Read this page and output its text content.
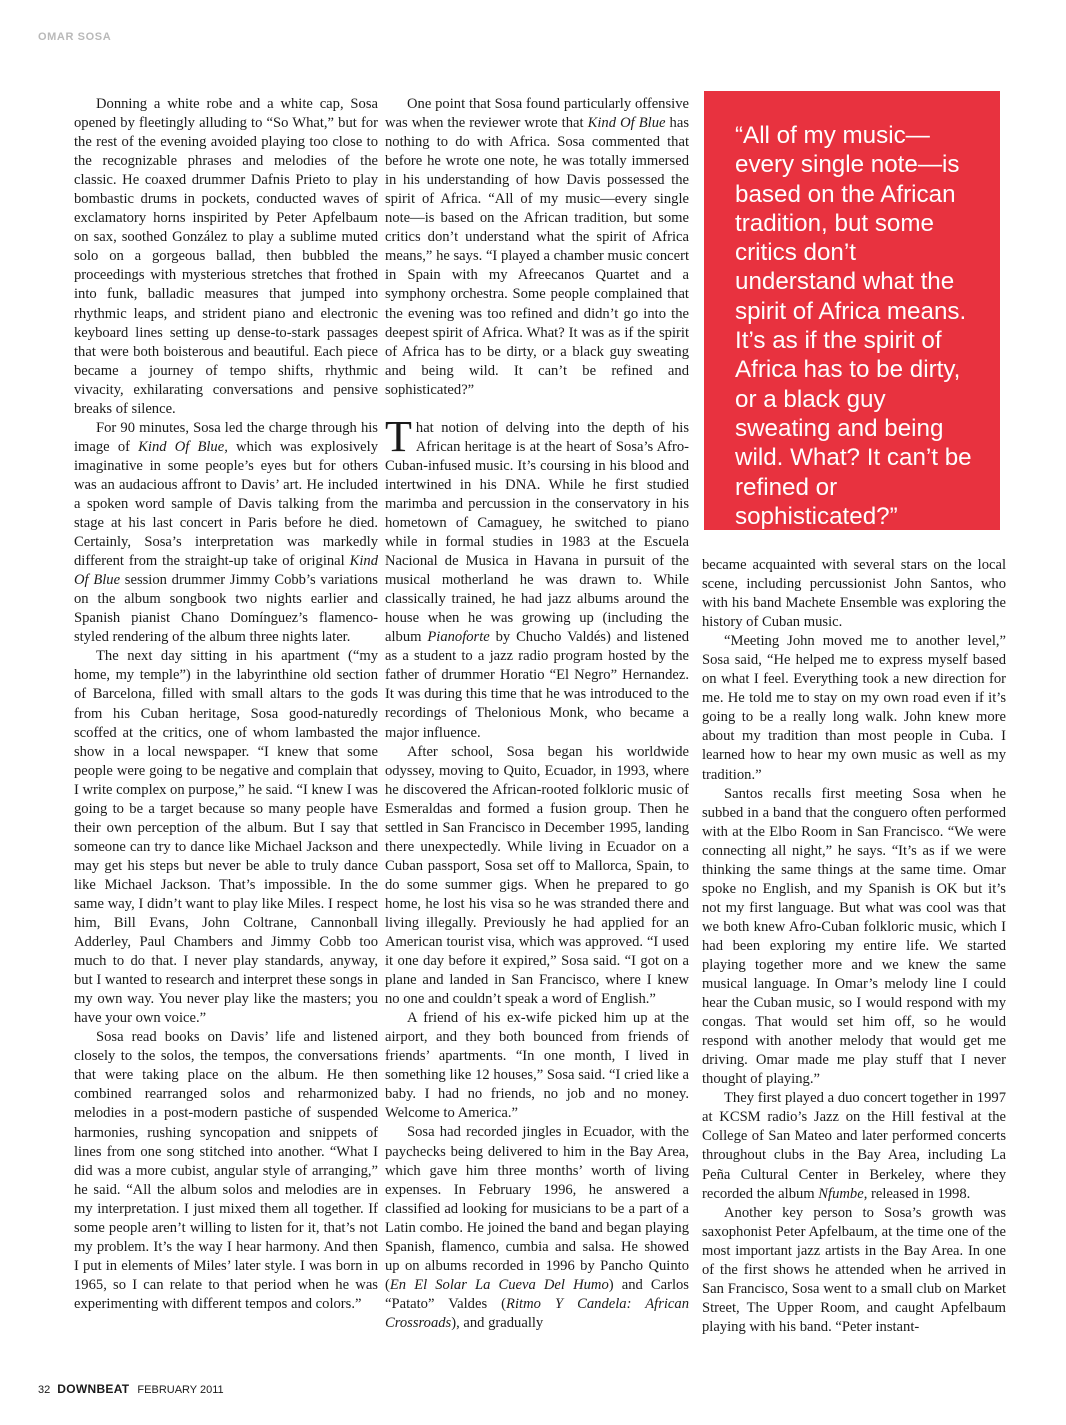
OMAR SOSA

Donning a white robe and a white cap, Sosa opened by fleetingly alluding to “So What,” but for the rest of the evening avoided playing too close to the recognizable phrases and melodies of the classic. He coaxed drummer Dafnis Prieto to play bombastic drums in pockets, conducted waves of exclamatory horns inspirited by Peter Apfelbaum on sax, soothed González to play a sublime muted solo on a gorgeous ballad, then bubbled the proceedings with mysterious stretches that frothed into funk, balladic measures that jumped into rhythmic leaps, and strident piano and electronic keyboard lines setting up dense-to-stark passages that were both boisterous and beautiful. Each piece became a journey of tempo shifts, rhythmic vivacity, exhilarating conversations and pensive breaks of silence.

For 90 minutes, Sosa led the charge through his image of Kind Of Blue, which was explosively imaginative in some people’s eyes but for others was an audacious affront to Davis’ art. He included a spoken word sample of Davis talking from the stage at his last concert in Paris before he died. Certainly, Sosa’s interpretation was markedly different from the straight-up take of original Kind Of Blue session drummer Jimmy Cobb’s variations on the album songbook two nights earlier and Spanish pianist Chano Domínguez’s flamenco-styled rendering of the album three nights later.

The next day sitting in his apartment (“my home, my temple”) in the labyrinthine old section of Barcelona, filled with small altars to the gods from his Cuban heritage, Sosa good-naturedly scoffed at the critics, one of whom lambasted the show in a local newspaper. “I knew that some people were going to be negative and complain that I write complex on purpose,” he said. “I knew I was going to be a target because so many people have their own perception of the album. But I say that someone can try to dance like Michael Jackson and may get his steps but never be able to truly dance like Michael Jackson. That’s impossible. In the same way, I didn’t want to play like Miles. I respect him, Bill Evans, John Coltrane, Cannonball Adderley, Paul Chambers and Jimmy Cobb too much to do that. I never play standards, anyway, but I wanted to research and interpret these songs in my own way. You never play like the masters; you have your own voice.”

Sosa read books on Davis’ life and listened closely to the solos, the tempos, the conversations that were taking place on the album. He then combined rearranged solos and reharmonized melodies in a post-modern pastiche of suspended harmonies, rushing syncopation and snippets of lines from one song stitched into another. “What I did was a more cubist, angular style of arranging,” he said. “All the album solos and melodies are in my interpretation. I just mixed them all together. If some people aren’t willing to listen for it, that’s not my problem. It’s the way I hear harmony. And then I put in elements of Miles’ later style. I was born in 1965, so I can relate to that period when he was experimenting with different tempos and colors.”

One point that Sosa found particularly offensive was when the reviewer wrote that Kind Of Blue has nothing to do with Africa. Sosa commented that before he wrote one note, he was totally immersed in his understanding of how Davis possessed the spirit of Africa. “All of my music—every single note—is based on the African tradition, but some critics don’t understand what the spirit of Africa means,” he says. “I played a chamber music concert in Spain with my Afreecanos Quartet and a symphony orchestra. Some people complained that the evening was too refined and didn’t go into the deepest spirit of Africa. What? It was as if the spirit of Africa has to be dirty, or a black guy sweating and being wild. It can’t be refined and sophisticated?”

That notion of delving into the depth of his African heritage is at the heart of Sosa’s Afro-Cuban-infused music. It’s coursing in his blood and intertwined in his DNA. While he first studied marimba and percussion in the conservatory in his hometown of Camaguey, he switched to piano while in formal studies in 1983 at the Escuela Nacional de Musica in Havana in pursuit of the musical motherland he was drawn to. While classically trained, he had jazz albums around the house when he was growing up (including the album Pianoforte by Chucho Valdés) and listened as a student to a jazz radio program hosted by the father of drummer Horatio “El Negro” Hernandez. It was during this time that he was introduced to the recordings of Thelonious Monk, who became a major influence.

After school, Sosa began his worldwide odyssey, moving to Quito, Ecuador, in 1993, where he discovered the African-rooted folkloric music of Esmeraldas and formed a fusion group. Then he settled in San Francisco in December 1995, landing there unexpectedly. While living in Ecuador on a Cuban passport, Sosa set off to Mallorca, Spain, to do some summer gigs. When he prepared to go home, he lost his visa so he was stranded there and living illegally. Previously he had applied for an American tourist visa, which was approved. “I used it one day before it expired,” Sosa said. “I got on a plane and landed in San Francisco, where I knew no one and couldn’t speak a word of English.”

A friend of his ex-wife picked him up at the airport, and they both bounced from friends of friends’ apartments. “In one month, I lived in something like 12 houses,” Sosa said. “I cried like a baby. I had no friends, no job and no money. Welcome to America.”

Sosa had recorded jingles in Ecuador, with the paychecks being delivered to him in the Bay Area, which gave him three months’ worth of living expenses. In February 1996, he answered a classified ad looking for musicians to be a part of a Latin combo. He joined the band and began playing Spanish, flamenco, cumbia and salsa. He showed up on albums recorded in 1996 by Pancho Quinto (En El Solar La Cueva Del Humo) and Carlos “Patato” Valdes (Ritmo Y Candela: African Crossroads), and gradually

“All of my music—every single note—is based on the African tradition, but some critics don’t understand what the spirit of Africa means. It’s as if the spirit of Africa has to be dirty, or a black guy sweating and being wild. What? It can’t be refined or sophisticated?”

became acquainted with several stars on the local scene, including percussionist John Santos, who with his band Machete Ensemble was exploring the history of Cuban music.

“Meeting John moved me to another level,” Sosa said, “He helped me to express myself based on what I feel. Everything took a new direction for me. He told me to stay on my own road even if it’s going to be a really long walk. John knew more about my tradition than most people in Cuba. I learned how to hear my own music as well as my tradition.”

Santos recalls first meeting Sosa when he subbed in a band that the conguero often performed with at the Elbo Room in San Francisco. “We were connecting all night,” he says. “It’s as if we were thinking the same things at the same time. Omar spoke no English, and my Spanish is OK but it’s not my first language. But what was cool was that we both knew Afro-Cuban folkloric music, which I had been exploring my entire life. We started playing together more and we knew the same musical language. In Omar’s melody line I could hear the Cuban music, so I would respond with my congas. That would set him off, so he would respond with another melody that would get me driving. Omar made me play stuff that I never thought of playing.”

They first played a duo concert together in 1997 at KCSM radio’s Jazz on the Hill festival at the College of San Mateo and later performed concerts throughout clubs in the Bay Area, including La Peña Cultural Center in Berkeley, where they recorded the album Nfumbe, released in 1998.

Another key person to Sosa’s growth was saxophonist Peter Apfelbaum, at the time one of the most important jazz artists in the Bay Area. In one of the first shows he attended when he arrived in San Francisco, Sosa went to a small club on Market Street, The Upper Room, and caught Apfelbaum playing with his band. “Peter instant-

32 DOWNBEAT FEBRUARY 2011
